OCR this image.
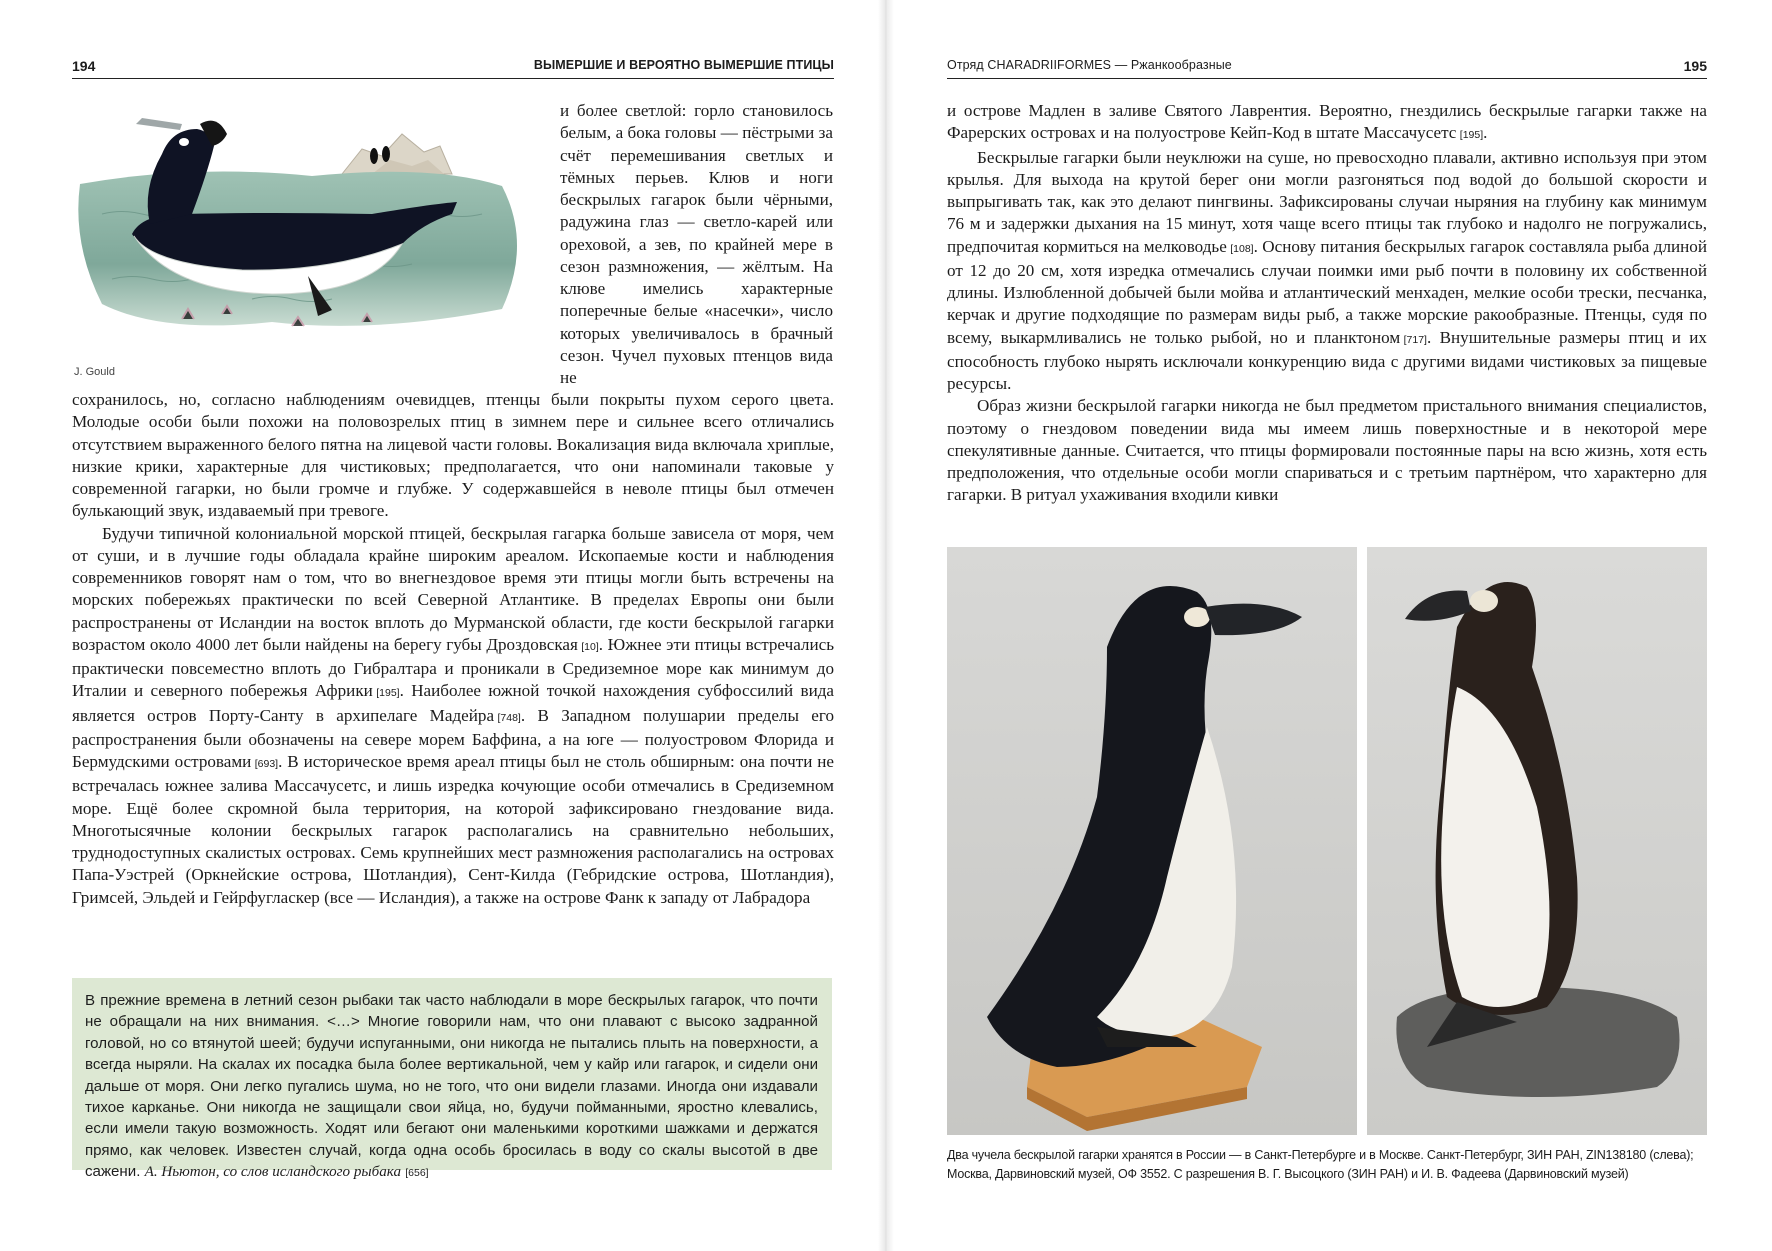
194	ВЫМЕРШИЕ И ВЕРОЯТНО ВЫМЕРШИЕ ПТИЦЫ
J. Gould

и более светлой: горло становилось белым, а бока головы — пёстрыми за счёт перемешивания светлых и тёмных перьев. Клюв и ноги бескрылых гагарок были чёрными, радужина глаз — светло-карей или ореховой, а зев, по крайней мере в сезон размножения, — жёлтым. На клюве имелись характерные поперечные белые «насечки», число которых увеличивалось в брачный сезон. Чучел пуховых птенцов вида не

сохранилось, но, согласно наблюдениям очевидцев, птенцы были покрыты пухом серого цвета. Молодые особи были похожи на половозрелых птиц в зимнем пере и сильнее всего отличались отсутствием выраженного белого пятна на лицевой части головы. Вокализация вида включала хриплые, низкие крики, характерные для чистиковых; предполагается, что они напоминали таковые у современной гагарки, но были громче и глубже. У содержавшейся в неволе птицы был отмечен булькающий звук, издаваемый при тревоге.

Будучи типичной колониальной морской птицей, бескрылая гагарка больше зависела от моря, чем от суши, и в лучшие годы обладала крайне широким ареалом. Ископаемые кости и наблюдения современников говорят нам о том, что во внегнездовое время эти птицы могли быть встречены на морских побережьях практически по всей Северной Атлантике. В пределах Европы они были распространены от Исландии на восток вплоть до Мурманской области, где кости бескрылой гагарки возрастом около 4000 лет были найдены на берегу губы Дроздовская  [10]. Южнее эти птицы встречались практически повсеместно вплоть до Гибралтара и проникали в Средиземное море как минимум до Италии и северного побережья Африки  [195]. Наиболее южной точкой нахождения субфоссилий вида является остров Порту-Санту в архипелаге Мадейра  [748]. В Западном полушарии пределы его распространения были обозначены на севере морем Баффина, а на юге — полуостровом Флорида и Бермудскими островами  [693]. В историческое время ареал птицы был не столь обширным: она почти не встречалась южнее залива Массачусетс, и лишь изредка кочующие особи отмечались в Средиземном море. Ещё более скромной была территория, на которой зафиксировано гнездование вида. Многотысячные колонии бескрылых гагарок располагались на сравнительно небольших, труднодоступных скалистых островах. Семь крупнейших мест размножения располагались на островах Папа-Уэстрей (Оркнейские острова, Шотландия), Сент-Килда (Гебридские острова, Шотландия), Гримсей, Эльдей и Гейрфугласкер (все — Исландия), а также на острове Фанк к западу от Лабрадора

В прежние времена в летний сезон рыбаки так часто наблюдали в море бескрылых гагарок, что почти не обращали на них внимания. <…> Многие говорили нам, что они плавают с высоко задранной головой, но со втянутой шеей; будучи испуганными, они никогда не пытались плыть на поверхности, а всегда ныряли. На скалах их посадка была более вертикальной, чем у кайр или гагарок, и сидели они дальше от моря. Они легко пугались шума, но не того, что они видели глазами. Иногда они издавали тихое карканье. Они никогда не защищали свои яйца, но, будучи пойманными, яростно клевались, если имели такую возможность. Ходят или бегают они маленькими короткими шажками и держатся прямо, как человек. Известен случай, когда одна особь бросилась в воду со скалы высотой в две сажени. А. Ньютон, со слов исландского рыбака [656]
Отряд CHARADRIIFORMES — Ржанкообразные	195

и острове Мадлен в заливе Святого Лаврентия. Вероятно, гнездились бескрылые гагарки также на Фарерских островах и на полуострове Кейп-Код в штате Массачусетс  [195].

Бескрылые гагарки были неуклюжи на суше, но превосходно плавали, активно используя при этом крылья. Для выхода на крутой берег они могли разгоняться под водой до большой скорости и выпрыгивать так, как это делают пингвины. Зафиксированы случаи ныряния на глубину как минимум 76 м и задержки дыхания на 15 минут, хотя чаще всего птицы так глубоко и надолго не погружались, предпочитая кормиться на мелководье  [108]. Основу питания бескрылых гагарок составляла рыба длиной от 12 до 20 см, хотя изредка отмечались случаи поимки ими рыб почти в половину их собственной длины. Излюбленной добычей были мойва и атлантический менхаден, мелкие особи трески, песчанка, керчак и другие подходящие по размерам виды рыб, а также морские ракообразные. Птенцы, судя по всему, выкармливались не только рыбой, но и планктоном  [717]. Внушительные размеры птиц и их способность глубоко нырять исключали конкуренцию вида с другими видами чистиковых за пищевые ресурсы.

Образ жизни бескрылой гагарки никогда не был предметом пристального внимания специалистов, поэтому о гнездовом поведении вида мы имеем лишь поверхностные и в некоторой мере спекулятивные данные. Считается, что птицы формировали постоянные пары на всю жизнь, хотя есть предположения, что отдельные особи могли спариваться и с третьим партнёром, что характерно для гагарки. В ритуал ухаживания входили кивки

Два чучела бескрылой гагарки хранятся в России — в Санкт-Петербурге и в Москве. Санкт-Петербург, ЗИН РАН, ZIN138180 (слева); Москва, Дарвиновский музей, ОФ 3552. С разрешения В. Г. Высоцкого (ЗИН РАН) и И. В. Фадеева (Дарвиновский музей)
